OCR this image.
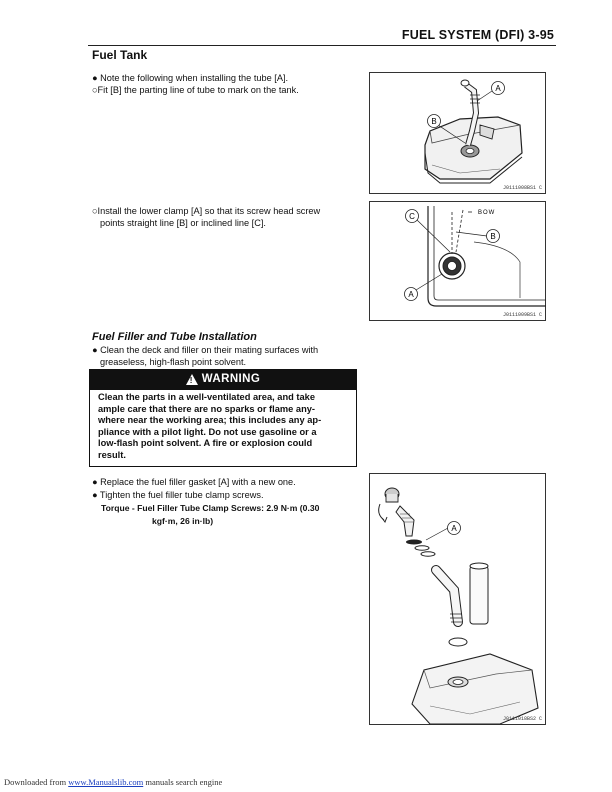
FUEL SYSTEM (DFI) 3-95
Fuel Tank
● Note the following when installing the tube [A].
○Fit [B] the parting line of tube to mark on the tank.	A
B
J0111008BS1 C
○Install the lower clamp [A] so that its screw head screw
points straight line [B] or inclined line [C].
BOW
C
B
A
J0111009BS1 C
Fuel Filler and Tube Installation
● Clean the deck and filler on their mating surfaces with
greaseless, high-flash point solvent.
! WARNING
Clean the parts in a well-ventilated area, and take
ample care that there are no sparks or flame any-
where near the working area; this includes any ap-
pliance with a pilot light. Do not use gasoline or a
low-flash point solvent. A fire or explosion could
result.
● Replace the fuel filler gasket [A] with a new one.
● Tighten the fuel filler tube clamp screws.
Torque - Fuel Filler Tube Clamp Screws: 2.9 N·m (0.30
kgf·m, 26 in·lb)
A
J0111018BS2 C
Downloaded from www.Manualslib.com manuals search engine
